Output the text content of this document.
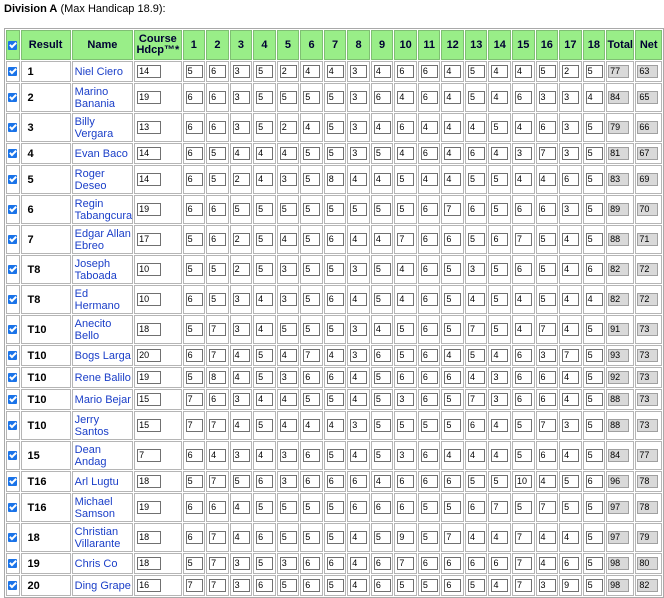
Division A (Max Handicap 18.9):
	Result	Name	Course
Hdcp™*	1	2	3	4	5	6	7	8	9	10	11	12	13	14	15	16	17	18	Total	Net
	1	Niel Ciero	14	5	6	3	5	2	4	4	3	4	6	6	4	5	4	4	5	2	5	77	63
	2	Marino Banania	19	6	6	3	5	5	5	5	3	6	4	6	4	5	4	6	3	3	4	84	65
	3	Billy Vergara	13	6	6	3	5	2	4	5	3	4	6	4	4	4	5	4	6	3	5	79	66
	4	Evan Baco	14	6	5	4	4	4	5	5	3	5	4	6	4	6	4	3	7	3	5	81	67
	5	Roger Deseo	14	6	5	2	4	3	5	8	4	4	5	4	4	5	5	4	4	6	5	83	69
	6	Regin Tabangcura	19	6	6	5	5	5	5	5	5	5	5	6	7	6	5	6	6	3	5	89	70
	7	Edgar Allan Ebreo	17	5	6	2	5	4	5	6	4	4	7	6	6	5	6	7	5	4	5	88	71
	T8	Joseph Taboada	10	5	5	2	5	3	5	5	3	5	4	6	5	3	5	6	5	4	6	82	72
	T8	Ed Hermano	10	6	5	3	4	3	5	6	4	5	4	6	5	4	5	4	5	4	4	82	72
	T10	Anecito Bello	18	5	7	3	4	5	5	5	3	4	5	6	5	7	5	4	7	4	5	91	73
	T10	Bogs Larga	20	6	7	4	5	4	7	4	3	6	5	6	4	5	4	6	3	7	5	93	73
	T10	Rene Balilo	19	5	8	4	5	3	6	6	4	5	6	6	6	4	3	6	6	4	5	92	73
	T10	Mario Bejar	15	7	6	3	4	4	5	5	4	5	3	6	5	7	3	6	6	4	5	88	73
	T10	Jerry Santos	15	7	7	4	5	4	4	4	3	5	5	5	5	6	4	5	7	3	5	88	73
	15	Dean Andag	7	6	4	3	4	3	6	5	4	5	3	6	4	4	4	5	6	4	5	84	77
	T16	Arl Lugtu	18	5	7	5	6	3	6	6	6	4	6	6	6	5	5	10	4	5	6	96	78
	T16	Michael Samson	19	6	6	4	5	5	5	5	6	6	6	5	5	6	7	5	7	5	5	97	78
	18	Christian Villarante	18	6	7	4	6	5	5	5	4	5	9	5	7	4	4	7	4	4	5	97	79
	19	Chris Co	18	5	7	3	5	3	6	6	4	6	7	6	6	6	6	7	4	6	5	98	80
	20	Ding Grape	16	7	7	3	6	5	6	5	4	6	5	5	6	5	4	7	3	9	5	98	82
